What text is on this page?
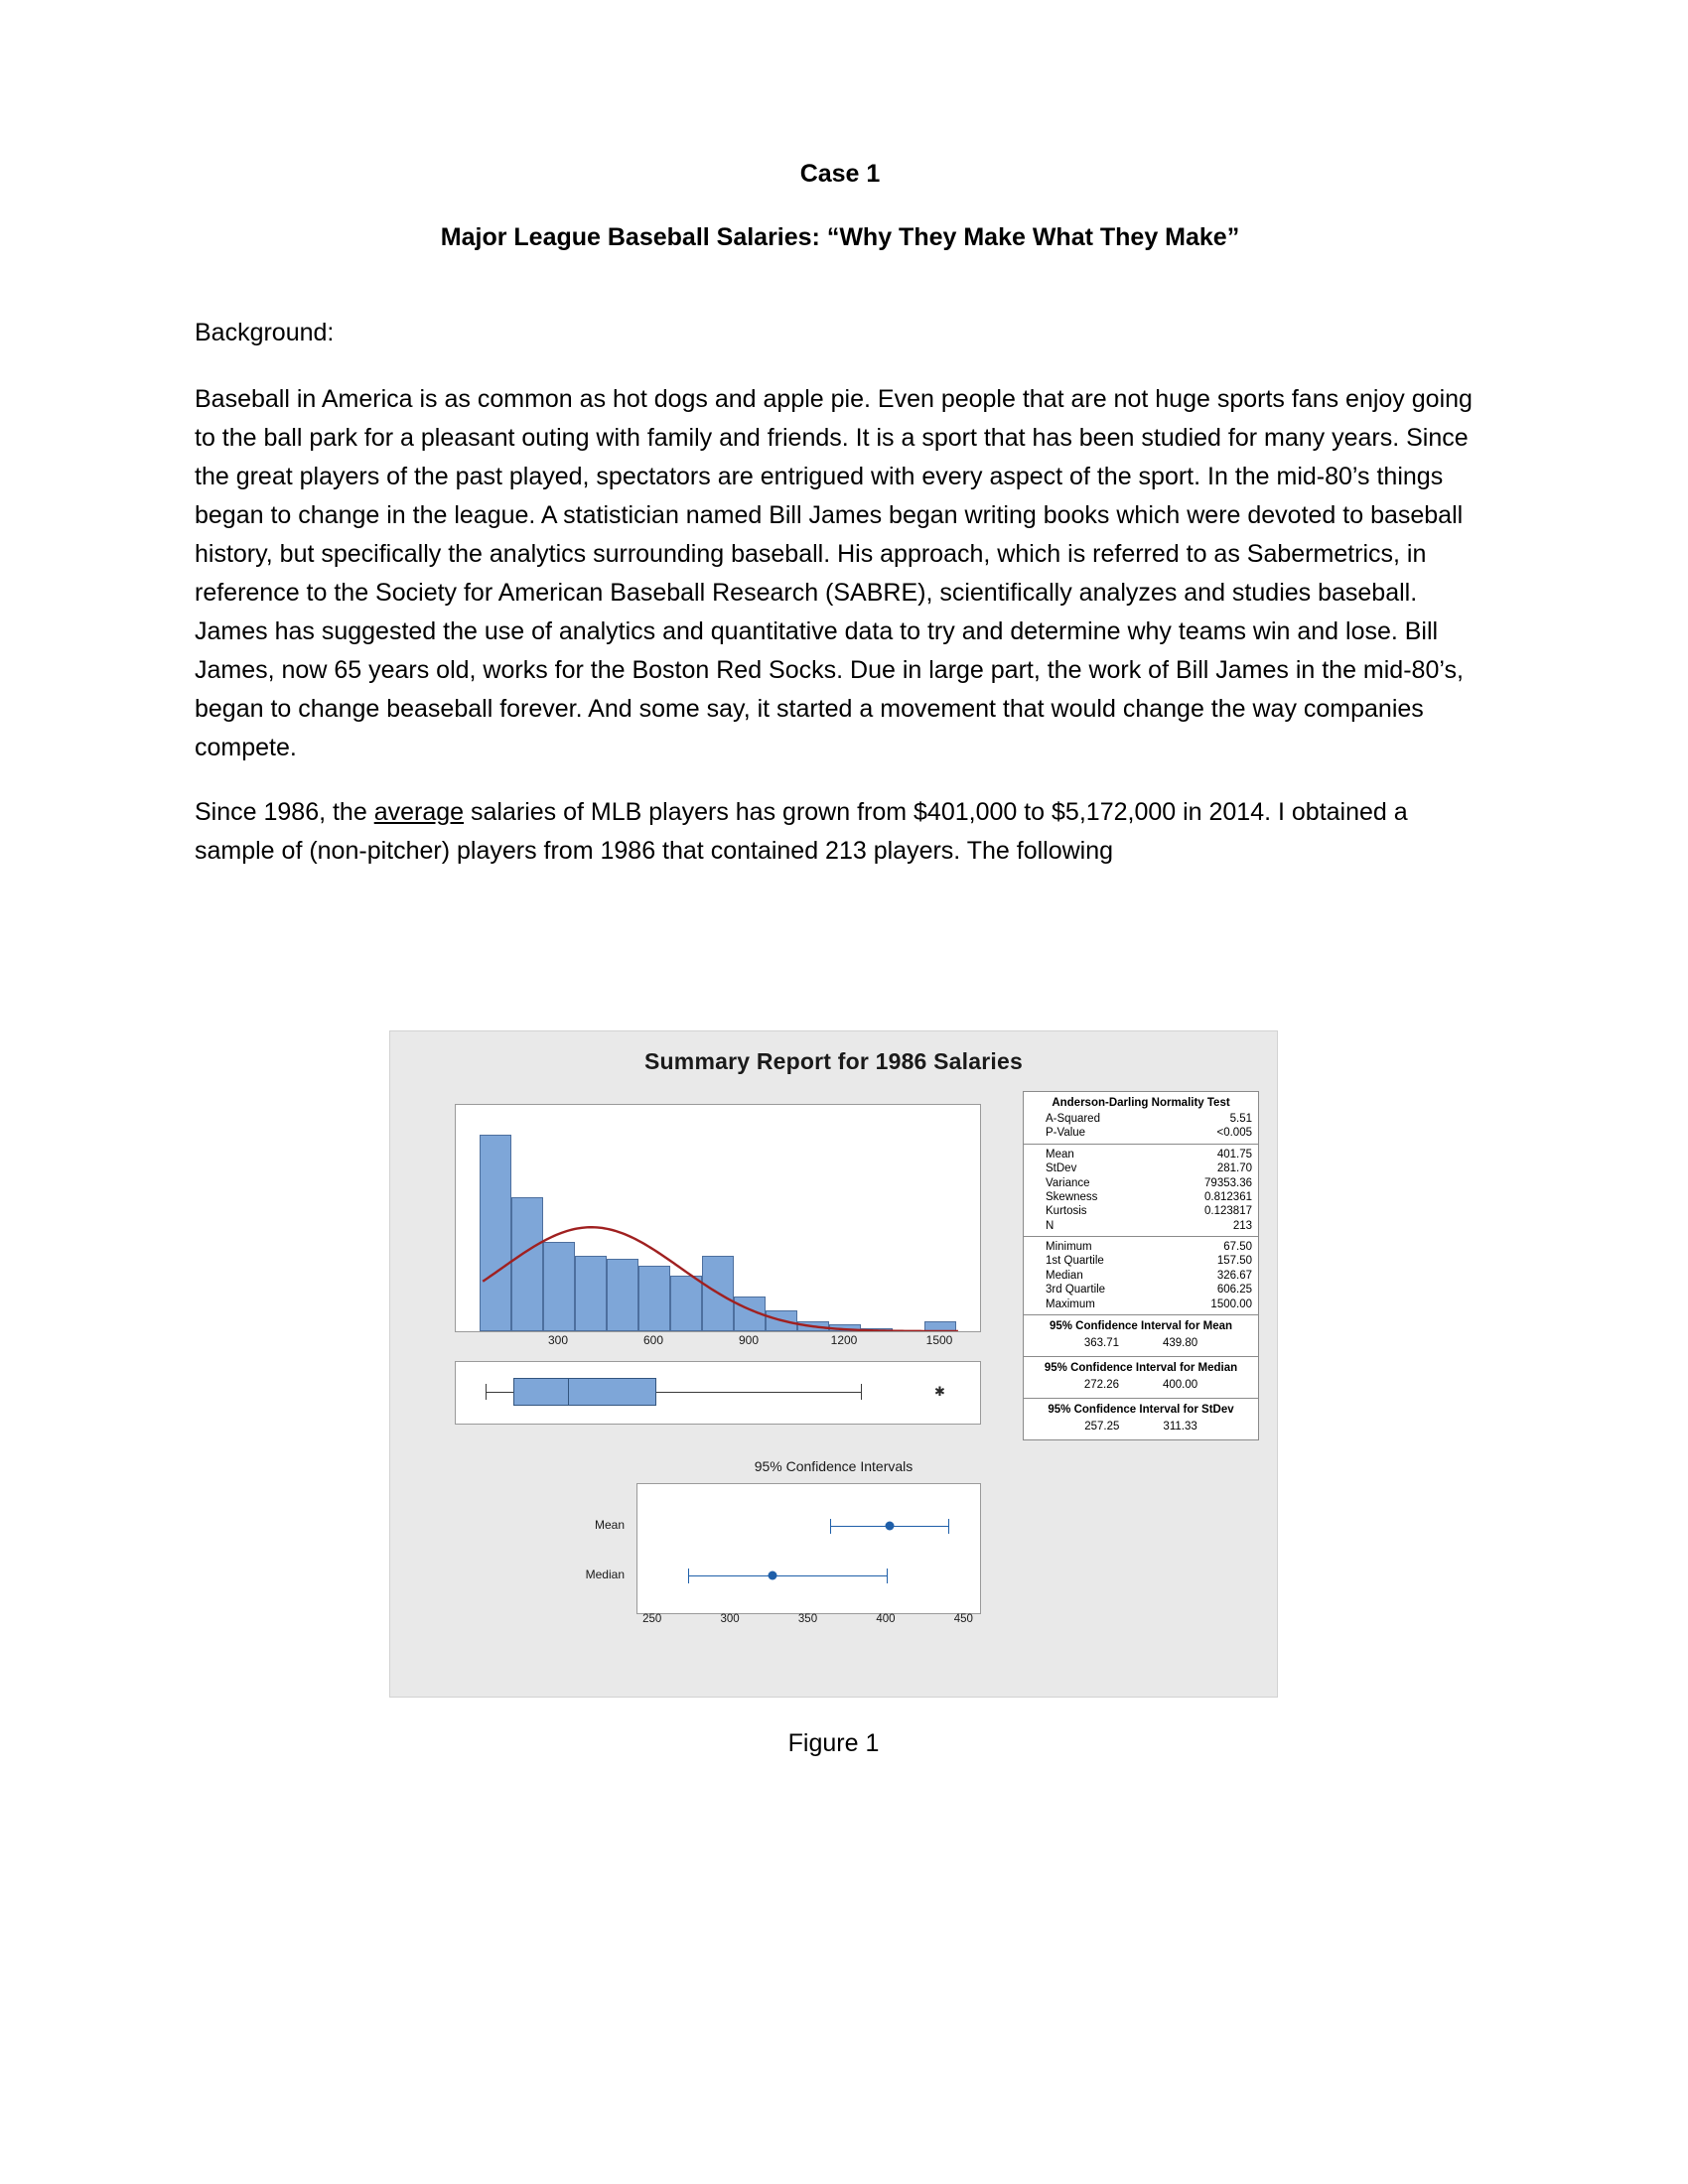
Case 1
Major League Baseball Salaries: “Why They Make What They Make”
Background:
Baseball in America is as common as hot dogs and apple pie. Even people that are not huge sports fans enjoy going to the ball park for a pleasant outing with family and friends. It is a sport that has been studied for many years. Since the great players of the past played, spectators are entrigued with every aspect of the sport. In the mid-80’s things began to change in the league. A statistician named Bill James began writing books which were devoted to baseball history, but specifically the analytics surrounding baseball. His approach, which is referred to as Sabermetrics, in reference to the Society for American Baseball Research (SABRE), scientifically analyzes and studies baseball. James has suggested the use of analytics and quantitative data to try and determine why teams win and lose. Bill James, now 65 years old, works for the Boston Red Socks. Due in large part, the work of Bill James in the mid-80’s, began to change beaseball forever. And some say, it started a movement that would change the way companies compete.
Since 1986, the average salaries of MLB players has grown from $401,000 to $5,172,000 in 2014. I obtained a sample of (non-pitcher) players from 1986 that contained 213 players. The following
Summary Report for 1986 Salaries
300	600	900	1200	1500
✱
Anderson-Darling Normality Test
A-Squared	5.51
P-Value	<0.005
Mean	401.75
StDev	281.70
Variance	79353.36
Skewness	0.812361
Kurtosis	0.123817
N	213
Minimum	67.50
1st Quartile	157.50
Median	326.67
3rd Quartile	606.25
Maximum	1500.00
95% Confidence Interval for Mean
363.71	439.80
95% Confidence Interval for Median
272.26	400.00
95% Confidence Interval for StDev
257.25	311.33
95% Confidence Intervals
Mean
Median
250	300	350	400	450
Figure 1
